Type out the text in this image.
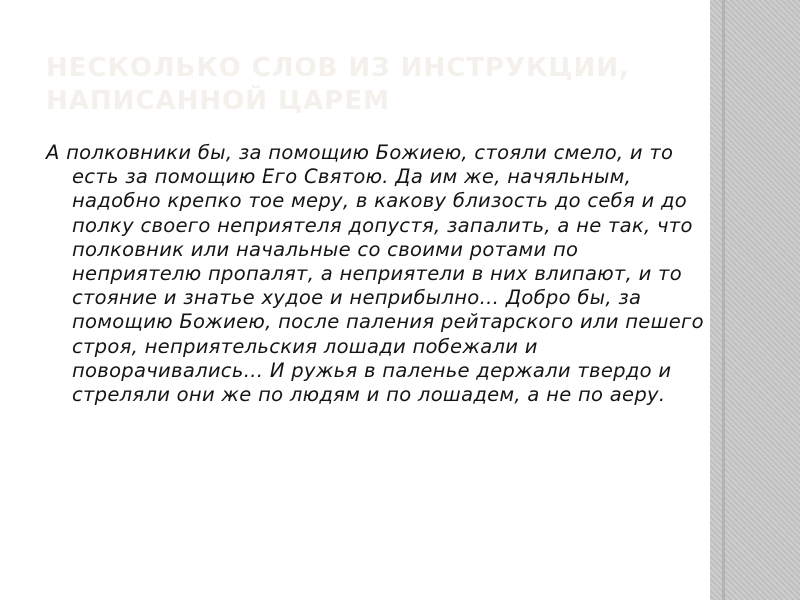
НЕСКОЛЬКО СЛОВ ИЗ ИНСТРУКЦИИ, НАПИСАННОЙ ЦАРЕМ

А полковники бы, за помощию Божиею, стояли смело, и то есть за помощию Его Святою. Да им же, начяльным, надобно крепко тое меру, в какову близость до себя и до полку своего неприятеля допустя, запалить, а не так, что полковник или начальные со своими ротами по неприятелю пропалят, а неприятели в них влипают, и то стояние и знатье худое и неприбылно… Добро бы, за помощию Божиею, после паления рейтарского или пешего строя, неприятельския лошади побежали и поворачивались… И ружья в паленье держали твердо и стреляли они же по людям и по лошадем, а не по аеру.
